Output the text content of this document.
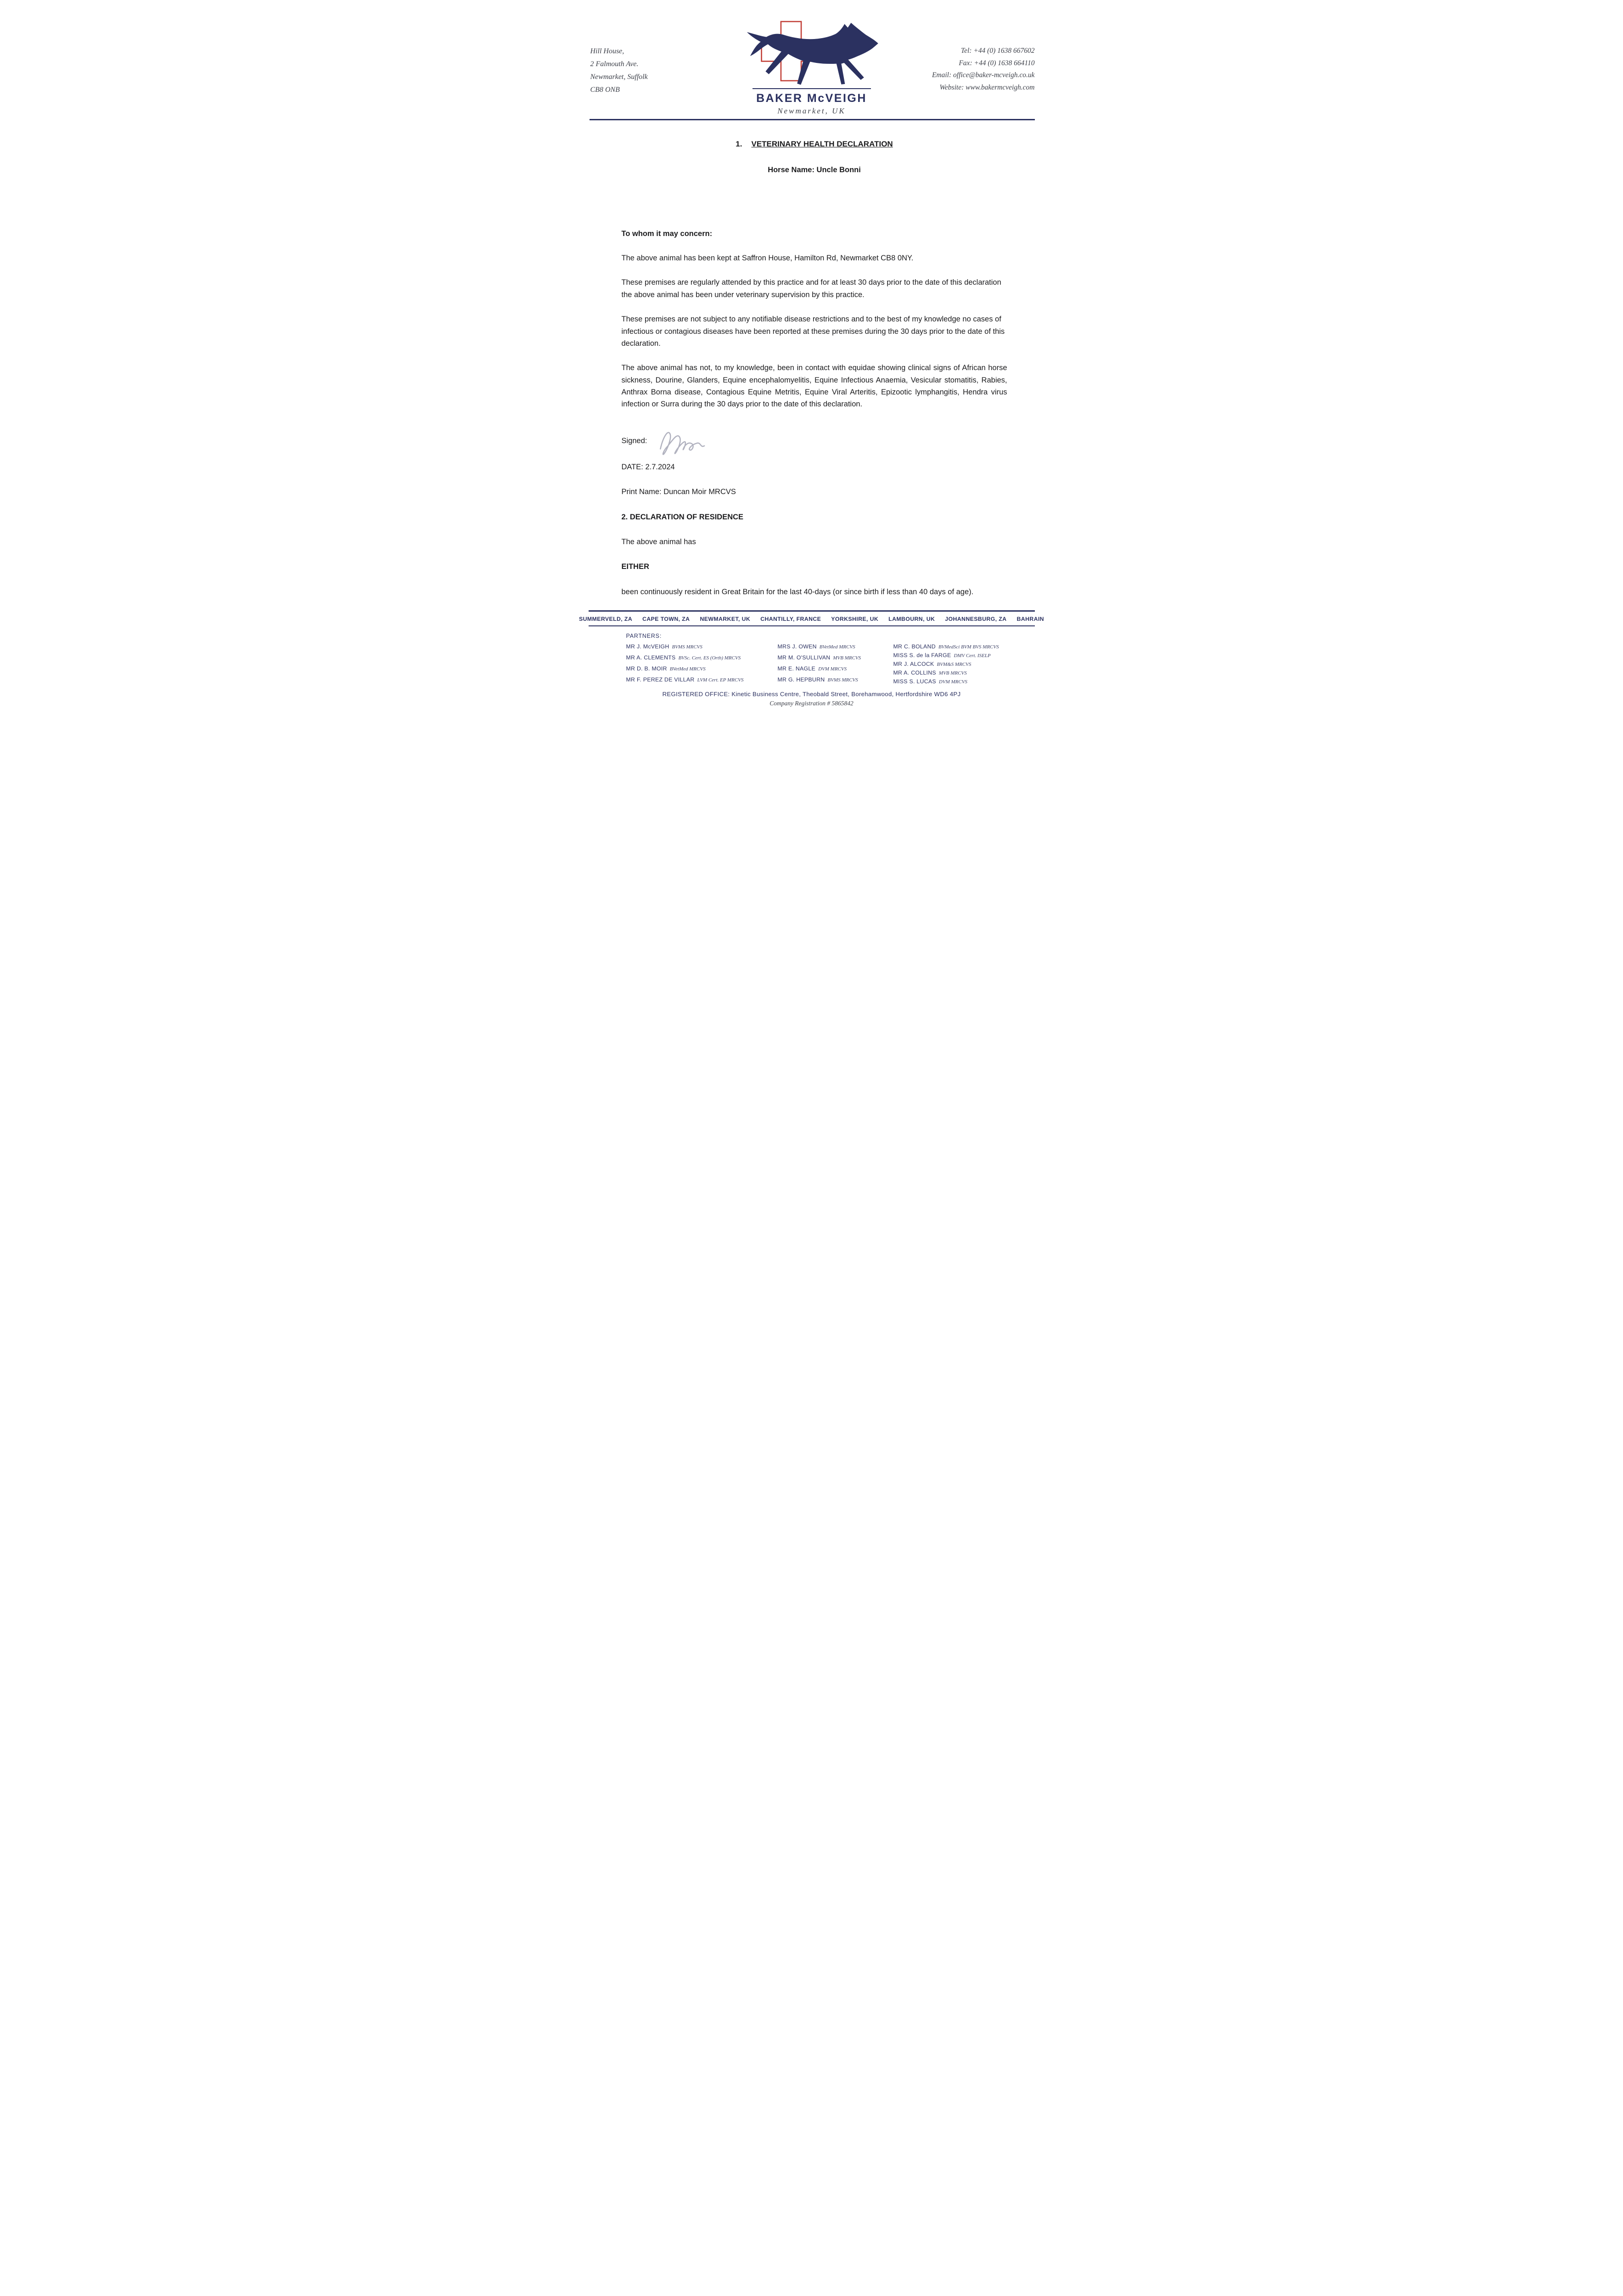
Hill House,
2 Falmouth Ave.
Newmarket, Suffolk
CB8 ONB
BAKER McVEIGH
Newmarket, UK
Tel: +44 (0) 1638 667602
Fax: +44 (0) 1638 664110
Email: office@baker-mcveigh.co.uk
Website: www.bakermcveigh.com
1. VETERINARY HEALTH DECLARATION
Horse Name: Uncle Bonni
To whom it may concern:

The above animal has been kept at Saffron House, Hamilton Rd, Newmarket CB8 0NY.

These premises are regularly attended by this practice and for at least 30 days prior to the date of this declaration the above animal has been under veterinary supervision by this practice.

These premises are not subject to any notifiable disease restrictions and to the best of my knowledge no cases of infectious or contagious diseases have been reported at these premises during the 30 days prior to the date of this declaration.

The above animal has not, to my knowledge, been in contact with equidae showing clinical signs of African horse sickness, Dourine, Glanders, Equine encephalomyelitis, Equine Infectious Anaemia, Vesicular stomatitis, Rabies, Anthrax Borna disease, Contagious Equine Metritis, Equine Viral Arteritis, Epizootic lymphangitis, Hendra virus infection or Surra during the 30 days prior to the date of this declaration.

Signed:
DATE: 2.7.2024
Print Name: Duncan Moir MRCVS
2. DECLARATION OF RESIDENCE
The above animal has
EITHER
been continuously resident in Great Britain for the last 40-days (or since birth if less than 40 days of age).
SUMMERVELD, ZA CAPE TOWN, ZA NEWMARKET, UK CHANTILLY, FRANCE YORKSHIRE, UK LAMBOURN, UK JOHANNESBURG, ZA BAHRAIN
PARTNERS:
MR J. McVEIGH BVMS MRCVS
MR A. CLEMENTS BVSc. Cert. ES (Orth) MRCVS
MR D. B. MOIR BVetMed MRCVS
MR F. PEREZ DE VILLAR LVM Cert. EP MRCVS
MRS J. OWEN BVetMed MRCVS
MR M. O'SULLIVAN MVB MRCVS
MR E. NAGLE DVM MRCVS
MR G. HEPBURN BVMS MRCVS
MR C. BOLAND BVMedSci BVM BVS MRCVS
MISS S. de la FARGE DMV Cert. ISELP
MR J. ALCOCK BVM&S MRCVS
MR A. COLLINS MVB MRCVS
MISS S. LUCAS DVM MRCVS
REGISTERED OFFICE: Kinetic Business Centre, Theobald Street, Borehamwood, Hertfordshire WD6 4PJ
Company Registration # 5865842
